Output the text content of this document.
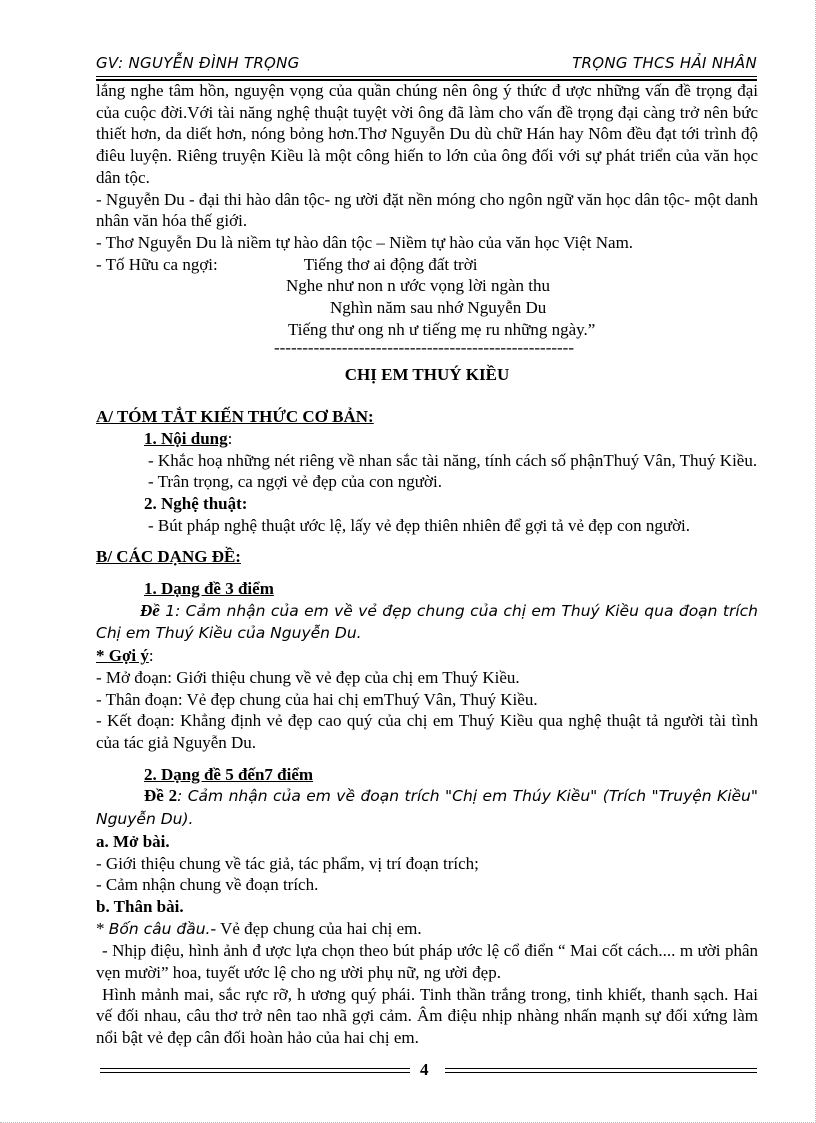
GV: NGUYỄN ĐÌNH TRỌNG	TRỌNG THCS HẢI NHÂN

lắng nghe tâm hồn, nguyện vọng của quần chúng nên ông ý thức đ ược những vấn đề trọng đại của cuộc đời.Với tài năng nghệ thuật tuyệt vời ông đã làm cho vấn đề trọng đại càng trở nên bức thiết hơn, da diết hơn, nóng bỏng hơn.Thơ Nguyễn Du dù chữ Hán hay Nôm đều đạt tới trình độ điêu luyện. Riêng truyện Kiều là một công hiến to lớn của ông đối với sự phát triển của văn học dân tộc.

- Nguyễn Du - đại thi hào dân tộc- ng ười đặt nền móng cho ngôn ngữ văn học dân tộc- một danh nhân văn hóa thế giới.

- Thơ Nguyễn Du là niềm tự hào dân tộc – Niềm tự hào của văn học Việt Nam.

- Tố Hữu ca ngợi:	Tiếng thơ ai động đất trời

Nghe như non n ước vọng lời ngàn thu

Nghìn năm sau nhớ Nguyễn Du

Tiếng thư ong nh ư tiếng mẹ ru những ngày.”

-----------------------------------------------------

CHỊ EM THUÝ KIỀU

A/ TÓM TẮT KIẾN THỨC CƠ BẢN:

1. Nội dung:

- Khắc hoạ những nét riêng về nhan sắc tài năng, tính cách số phậnThuý Vân, Thuý Kiều.

- Trân trọng, ca ngợi vẻ đẹp của con người.

2. Nghệ thuật:

- Bút pháp nghệ thuật ước lệ, lấy vẻ đẹp thiên nhiên để gợi tả vẻ đẹp con người.

B/ CÁC DẠNG ĐỀ:

1. Dạng đề 3 điểm

Đề 1: Cảm nhận của em về vẻ đẹp chung của chị em Thuý Kiều qua đoạn trích Chị em Thuý Kiều của Nguyễn Du.

* Gợi ý:

- Mở đoạn: Giới thiệu chung về vẻ đẹp của chị em Thuý Kiều.

- Thân đoạn: Vẻ đẹp chung của hai chị emThuý Vân, Thuý Kiều.

- Kết đoạn: Khẳng định vẻ đẹp cao quý của chị em Thuý Kiều qua nghệ thuật tả người tài tình của tác giả Nguyễn Du.

2. Dạng đề 5 đến7 điểm

Đề 2: Cảm nhận của em về đoạn trích "Chị em Thúy Kiều" (Trích "Truyện Kiều" Nguyễn Du).

a. Mở bài.

- Giới thiệu chung về tác giả, tác phẩm, vị trí đoạn trích;

- Cảm nhận chung về đoạn trích.

b. Thân bài.

* Bốn câu đầu.- Vẻ đẹp chung của hai chị em.

- Nhịp điệu, hình ảnh đ ược lựa chọn theo bút pháp ước lệ cổ điển “ Mai cốt cách.... m ười phân vẹn mười” hoa, tuyết ước lệ cho ng ười phụ nữ, ng ười đẹp.

Hình mảnh mai, sắc rực rỡ, h ương quý phái. Tinh thần trắng trong, tinh khiết, thanh sạch. Hai vế đối nhau, câu thơ trở nên tao nhã gợi cảm. Âm điệu nhịp nhàng nhấn mạnh sự đối xứng làm nổi bật vẻ đẹp cân đối hoàn hảo của hai chị em.

4
